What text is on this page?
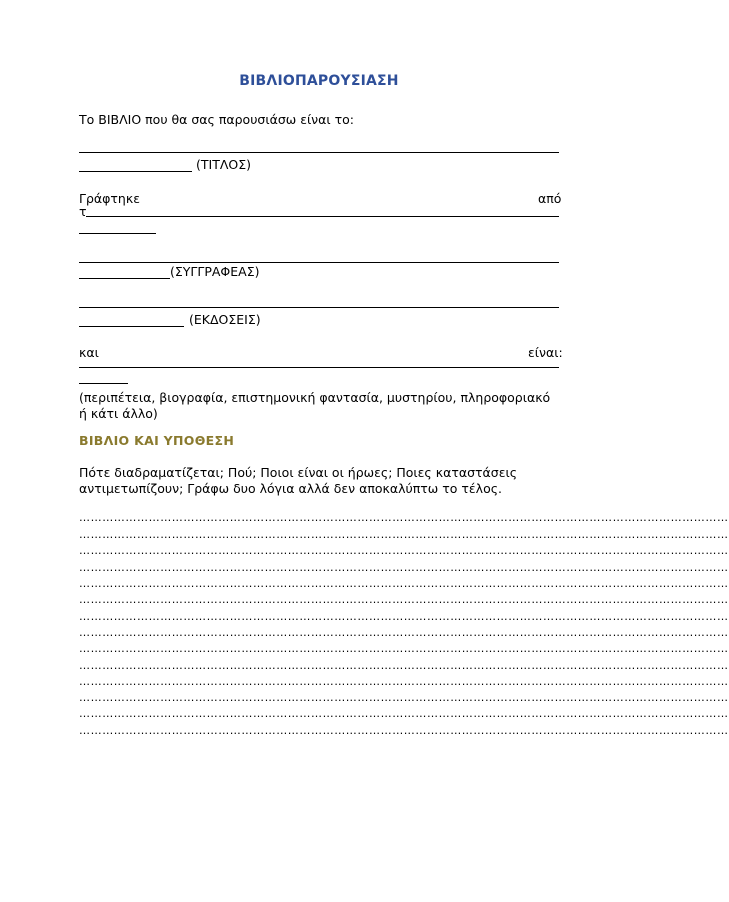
ΒΙΒΛΙΟΠΑΡΟΥΣΙΑΣΗ
Το ΒΙΒΛΙΟ που θα σας παρουσιάσω είναι το:
(ΤΙΤΛΟΣ)
Γράφτηκε	από
τ
(ΣΥΓΓΡΑΦΕΑΣ)
(ΕΚΔΟΣΕΙΣ)
και	είναι:
(περιπέτεια, βιογραφία, επιστημονική φαντασία, μυστηρίου, πληροφοριακό ή κάτι άλλο)
ΒΙΒΛΙΟ ΚΑΙ ΥΠΟΘΕΣΗ
Πότε διαδραματίζεται; Πού; Ποιοι είναι οι ήρωες; Ποιες καταστάσεις αντιμετωπίζουν; Γράφω δυο λόγια αλλά δεν αποκαλύπτω το τέλος.
……………………………………………………………………………………………………………………………………………………
……………………………………………………………………………………………………………………………………………………
……………………………………………………………………………………………………………………………………………………
……………………………………………………………………………………………………………………………………………………
……………………………………………………………………………………………………………………………………………………
……………………………………………………………………………………………………………………………………………………
……………………………………………………………………………………………………………………………………………………
……………………………………………………………………………………………………………………………………………………
……………………………………………………………………………………………………………………………………………………
……………………………………………………………………………………………………………………………………………………
……………………………………………………………………………………………………………………………………………………
……………………………………………………………………………………………………………………………………………………
……………………………………………………………………………………………………………………………………………………
……………………………………………………………………………………………………………………………………………………
